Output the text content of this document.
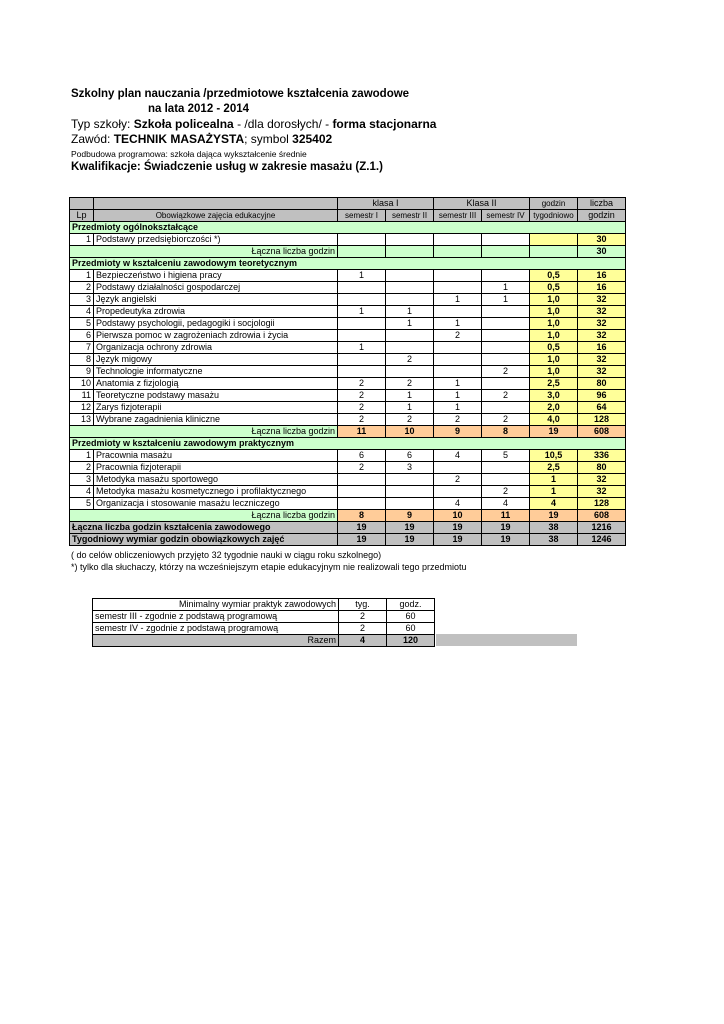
Szkolny plan nauczania /przedmiotowe kształcenia zawodowe
na lata 2012 - 2014
Typ szkoły: Szkoła policealna - /dla dorosłych/ - forma stacjonarna
Zawód: TECHNIK MASAŻYSTA; symbol 325402
Podbudowa programowa: szkoła dająca wykształcenie średnie
Kwalifikacje: Świadczenie usług w zakresie masażu (Z.1.)
		klasa I		Klasa II		godzin	liczba
Lp	Obowiązkowe zajęcia edukacyjne	semestr I	semestr II	semestr III	semestr IV	tygodniowo	godzin
Przedmioty ogólnokształcące							
1	Podstawy przedsiębiorczości *)						30
Łączna liczba godzin							30
Przedmioty w kształceniu zawodowym teoretycznym							
1	Bezpieczeństwo i higiena pracy	1				0,5	16
2	Podstawy działalności gospodarczej				1	0,5	16
3	Język angielski			1	1	1,0	32
4	Propedeutyka zdrowia	1	1			1,0	32
5	Podstawy psychologii, pedagogiki i socjologii		1	1		1,0	32
6	Pierwsza pomoc w zagrożeniach zdrowia i życia			2		1,0	32
7	Organizacja ochrony zdrowia	1				0,5	16
8	Język migowy		2			1,0	32
9	Technologie informatyczne				2	1,0	32
10	Anatomia z fizjologią	2	2	1		2,5	80
11	Teoretyczne podstawy masażu	2	1	1	2	3,0	96
12	Zarys fizjoterapii	2	1	1		2,0	64
13	Wybrane zagadnienia kliniczne	2	2	2	2	4,0	128
Łączna liczba godzin		11	10	9	8	19	608
Przedmioty w kształceniu zawodowym praktycznym							
1	Pracownia masażu	6	6	4	5	10,5	336
2	Pracownia fizjoterapii	2	3			2,5	80
3	Metodyka masażu sportowego			2		1	32
4	Metodyka masażu kosmetycznego i profilaktycznego				2	1	32
5	Organizacja i stosowanie masażu leczniczego			4	4	4	128
Łączna liczba godzin		8	9	10	11	19	608
Łączna liczba godzin kształcenia zawodowego		19	19	19	19	38	1216
Tygodniowy wymiar godzin obowiązkowych zajęć		19	19	19	19	38	1246
( do celów obliczeniowych przyjęto 32 tygodnie nauki w ciągu roku szkolnego)
*) tylko dla słuchaczy, którzy na wcześniejszym etapie edukacyjnym nie realizowali tego przedmiotu
Minimalny wymiar praktyk zawodowych	tyg.	godz.
semestr III - zgodnie z podstawą programową	2	60
semestr IV - zgodnie z podstawą programową	2	60
Razem	4	120
